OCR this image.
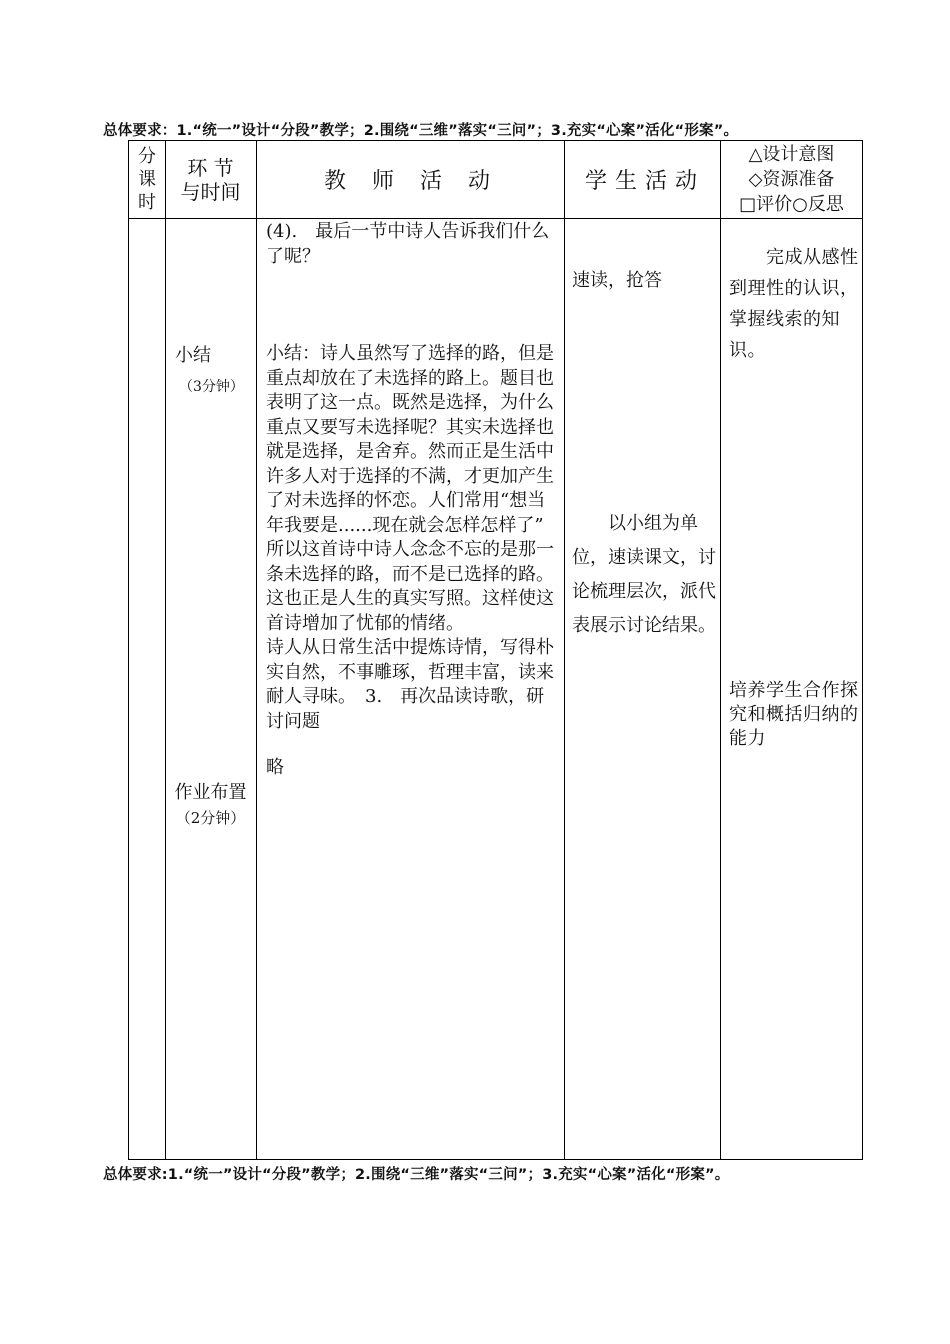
总体要求：1.“统一”设计“分段”教学；2.围绕“三维”落实“三问”；3.充实“心案”活化“形案”。
分
课
时
环 节
与时间	教师活动	学生活动
△设计意图
◇资源准备
□评价○反思
小结
（3分钟）
作业布置
（2分钟）

(4).　最后一节中诗人告诉我们什么了呢？

小结：诗人虽然写了选择的路，但是重点却放在了未选择的路上。题目也表明了这一点。既然是选择，为什么重点又要写未选择呢？其实未选择也就是选择，是舍弃。然而正是生活中许多人对于选择的不满，才更加产生了对未选择的怀恋。人们常用“想当年我要是......现在就会怎样怎样了”　所以这首诗中诗人念念不忘的是那一条未选择的路，而不是已选择的路。这也正是人生的真实写照。这样使这首诗增加了忧郁的情绪。

诗人从日常生活中提炼诗情，写得朴实自然，不事雕琢，哲理丰富，读来耐人寻味。　3.　再次品读诗歌，研讨问题

略

速读，抢答
　　以小组为单位，速读课文，讨论梳理层次，派代表展示讨论结果。
　　完成从感性到理性的认识，掌握线索的知识。
培养学生合作探究和概括归纳的能力
总体要求:1.“统一”设计“分段”教学；2.围绕“三维”落实“三问”；3.充实“心案”活化“形案”。
